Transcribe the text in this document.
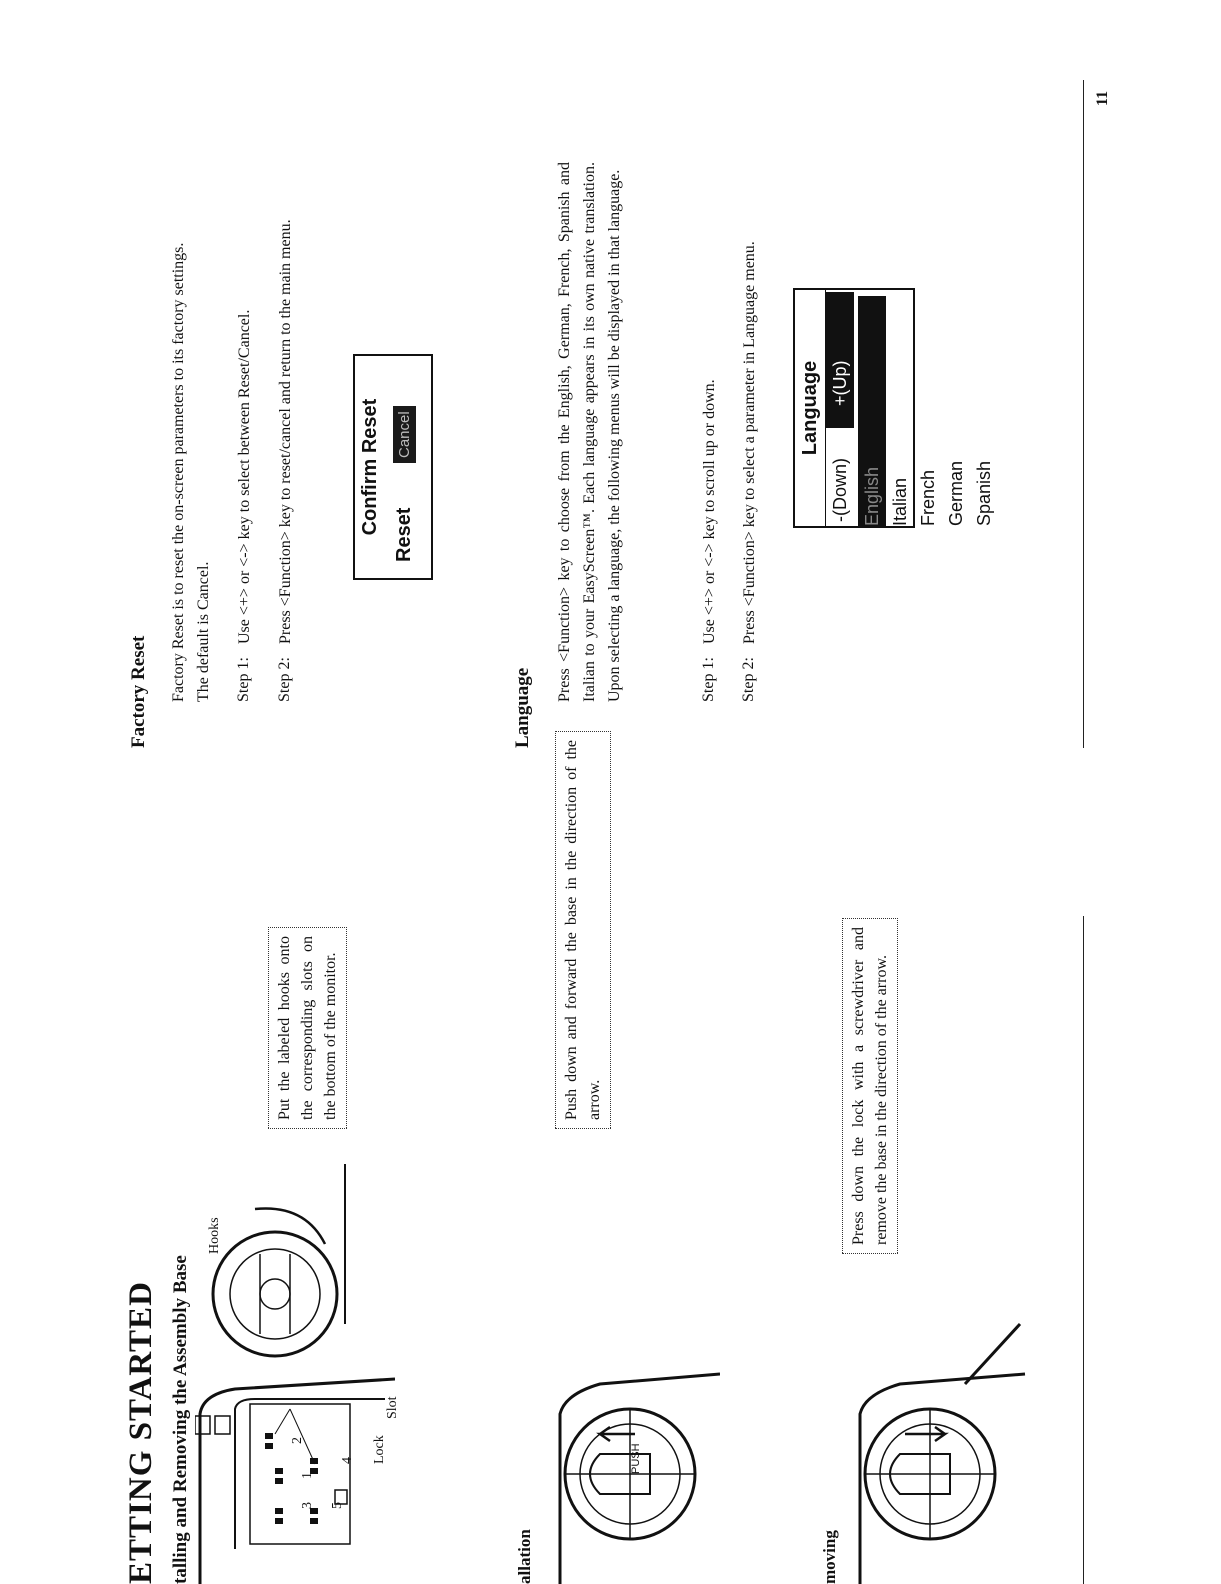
ETTING STARTED talling and Removing the Assembly Base	3 5
1
4
2	Lock
Slot
Hooks
Put the labeled hooks onto the corresponding slots on the bottom of the monitor.
allation
PUSH
Push down and forward the base in the direction of the arrow.
moving
Press down the lock with a screwdriver and remove the base in the direction of the arrow.
Factory Reset Factory Reset is to reset the on-screen parameters to its factory settings. The default is Cancel. Step 1:
Use <+> or <-> key to select between Reset/Cancel.
Step 2:
Press <Function> key to reset/cancel and return to the main menu.	Confirm Reset Reset
Cancel
Language
Press <Function> key to choose from the English, German, French, Spanish and Italian to your EasyScreen™. Each language appears in its own native translation. Upon selecting a language, the following menus will be displayed in that language.	Step 1:
Use <+> or <-> key to scroll up or down.
Step 2:
Press <Function> key to select a parameter in Language menu. Language
-(Down)
+(Up)
English Italian French German Spanish
11
